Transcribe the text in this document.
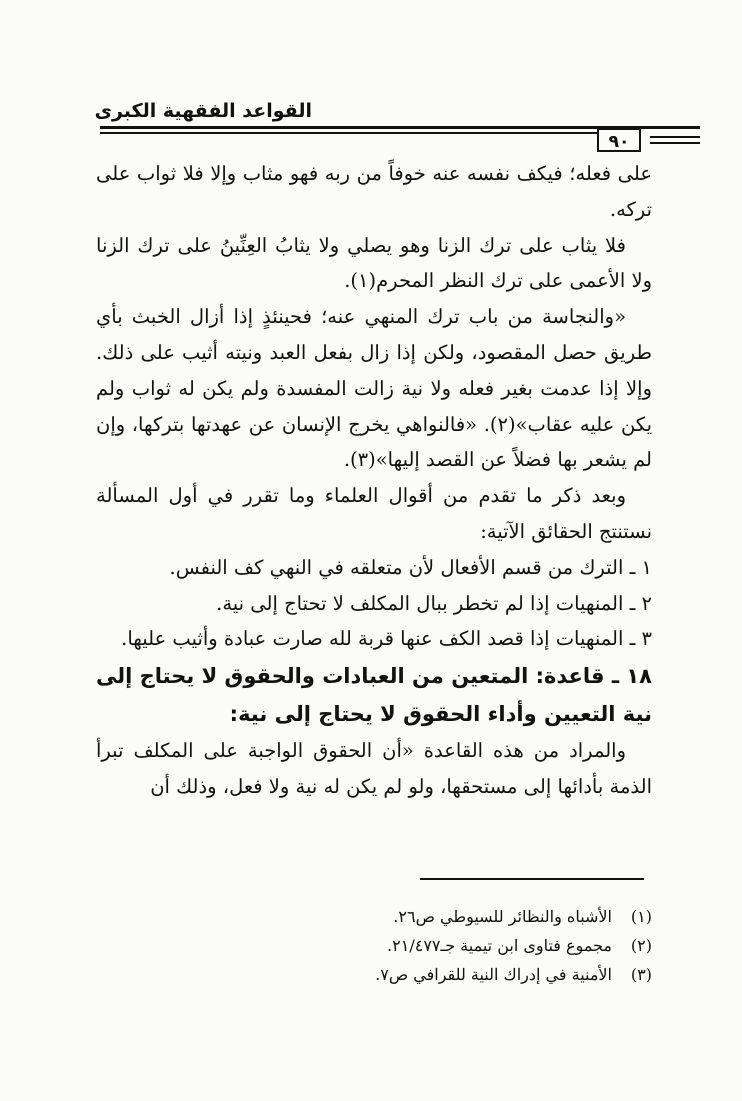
القواعد الفقهية الكبرى
٩٠

على فعله؛ فيكف نفسه عنه خوفاً من ربه فهو مثاب وإلا فلا ثواب على تركه.

فلا يثاب على ترك الزنا وهو يصلي ولا يثابُ العِنِّينُ على ترك الزنا ولا الأعمى على ترك النظر المحرم(١).

«والنجاسة من باب ترك المنهي عنه؛ فحينئذٍ إذا أزال الخبث بأي طريق حصل المقصود، ولكن إذا زال بفعل العبد ونيته أثيب على ذلك. وإلا إذا عدمت بغير فعله ولا نية زالت المفسدة ولم يكن له ثواب ولم يكن عليه عقاب»(٢). «فالنواهي يخرج الإنسان عن عهدتها بتركها، وإن لم يشعر بها فضلاً عن القصد إليها»(٣).

وبعد ذكر ما تقدم من أقوال العلماء وما تقرر في أول المسألة نستنتج الحقائق الآتية:

١ ـ الترك من قسم الأفعال لأن متعلقه في النهي كف النفس.

٢ ـ المنهيات إذا لم تخطر ببال المكلف لا تحتاج إلى نية.

٣ ـ المنهيات إذا قصد الكف عنها قربة لله صارت عبادة وأثيب عليها.

١٨ ـ قاعدة: المتعين من العبادات والحقوق لا يحتاج إلى نية التعيين وأداء الحقوق لا يحتاج إلى نية:

والمراد من هذه القاعدة «أن الحقوق الواجبة على المكلف تبرأ الذمة بأدائها إلى مستحقها، ولو لم يكن له نية ولا فعل، وذلك أن

(١)الأشباه والنظائر للسيوطي ص٢٦.
(٢)مجموع فتاوى ابن تيمية جـ٢١/٤٧٧.
(٣)الأمنية في إدراك النية للقرافي ص٧.
